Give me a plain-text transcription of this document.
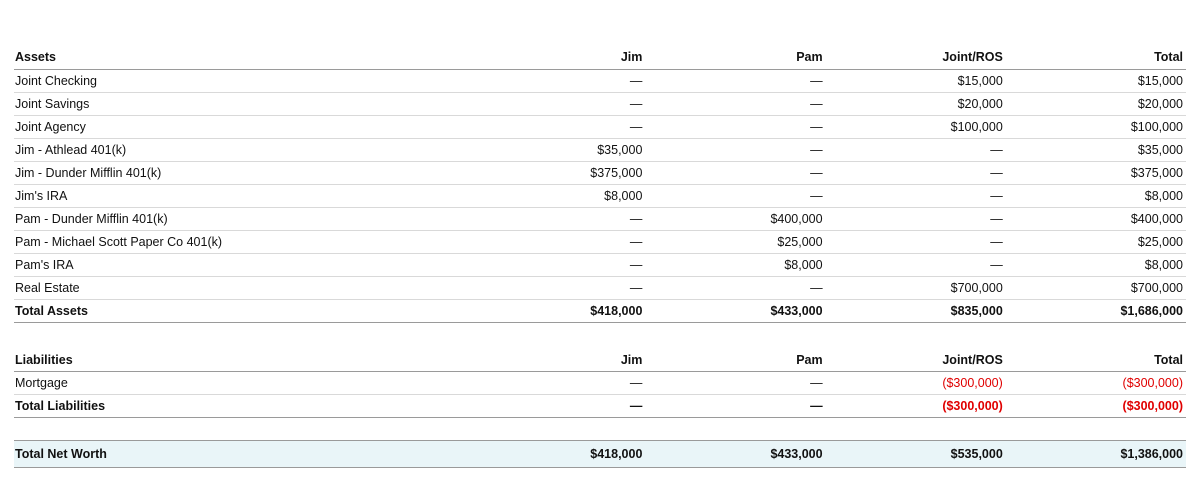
Assets	Jim	Pam	Joint/ROS	Total

Joint Checking	—	—	$15,000	$15,000

Joint Savings	—	—	$20,000	$20,000

Joint Agency	—	—	$100,000	$100,000

Jim - Athlead 401(k)	$35,000	—	—	$35,000

Jim - Dunder Mifflin 401(k)	$375,000	—	—	$375,000

Jim's IRA	$8,000	—	—	$8,000

Pam - Dunder Mifflin 401(k)	—	$400,000	—	$400,000

Pam - Michael Scott Paper Co 401(k)	—	$25,000	—	$25,000

Pam's IRA	—	$8,000	—	$8,000

Real Estate	—	—	$700,000	$700,000

Total Assets	$418,000	$433,000	$835,000	$1,686,000

Liabilities	Jim	Pam	Joint/ROS	Total

Mortgage	—	—	($300,000)	($300,000)

Total Liabilities	—	—	($300,000)	($300,000)

Total Net Worth	$418,000	$433,000	$535,000	$1,386,000
